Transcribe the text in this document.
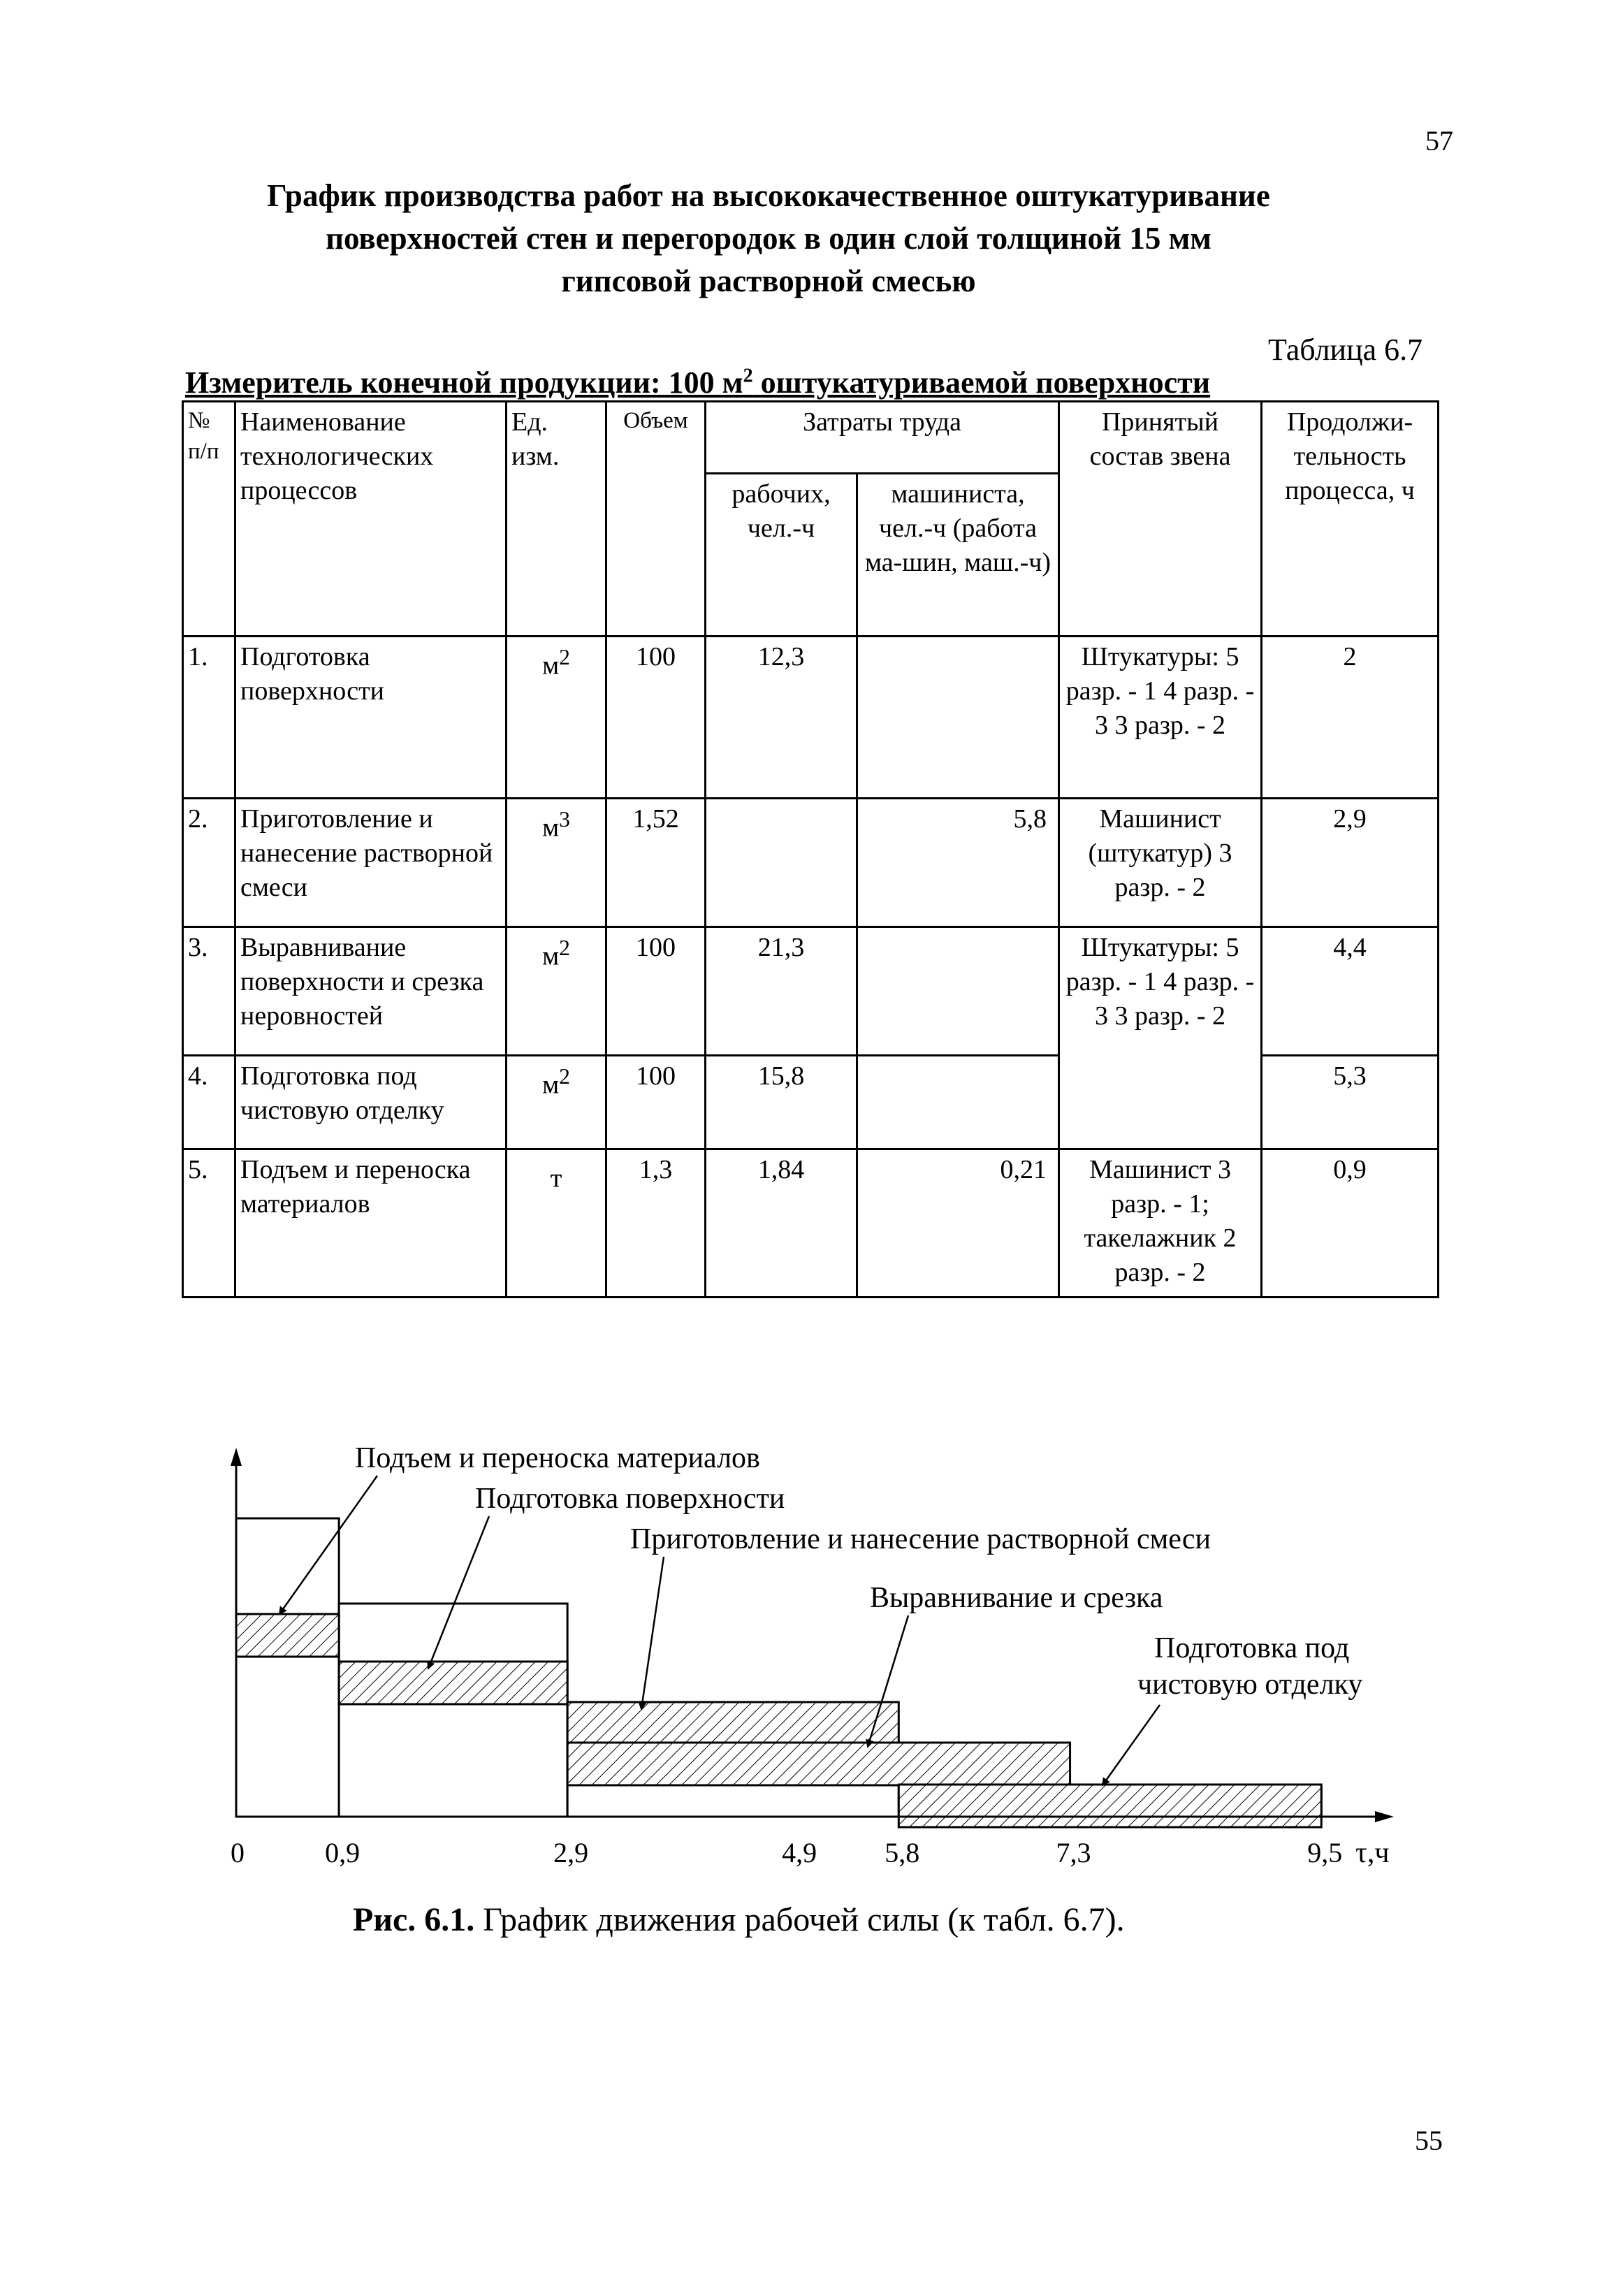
57
График производства работ на высококачественное оштукатуривание
поверхностей стен и перегородок в один слой толщиной 15 мм
гипсовой растворной смесью
Таблица 6.7
Измеритель конечной продукции: 100 $м^2$ оштукатуриваемой поверхности
№ п/п	Наименование технологических процессов	Ед. изм.	Объем	Затраты труда		Принятый состав звена	Продолжи-тельность процесса, ч
				рабочих, чел.-ч	машиниста, чел.-ч (работа ма-шин, маш.-ч)		
1.	Подготовка поверхности	$м^2$	100	12,3		Штукатуры: 5 разр. - 1 4 разр. - 3 3 разр. - 2	2
2.	Приготовление и нанесение растворной смеси	$м^3$	1,52		5,8	Машинист (штукатур) 3 разр. - 2	2,9
3.	Выравнивание поверхности и срезка неровностей	$м^2$	100	21,3		Штукатуры: 5 разр. - 1 4 разр. - 3 3 разр. - 2	4,4
4.	Подготовка под чистовую отделку	$м^2$	100	15,8			5,3
5.	Подъем и переноска материалов	т	1,3	1,84	0,21	Машинист 3 разр. - 1; такелажник 2 разр. - 2	0,9
0	0,9	2,9	4,9 5,8	7,3	9,5 τ,ч
Подъем и переноска материалов
Подготовка поверхности
Приготовление и нанесение растворной смеси
Выравнивание и срезка
Подготовка под
чистовую отделку
Рис. 6.1. График движения рабочей силы (к табл. 6.7).
55
